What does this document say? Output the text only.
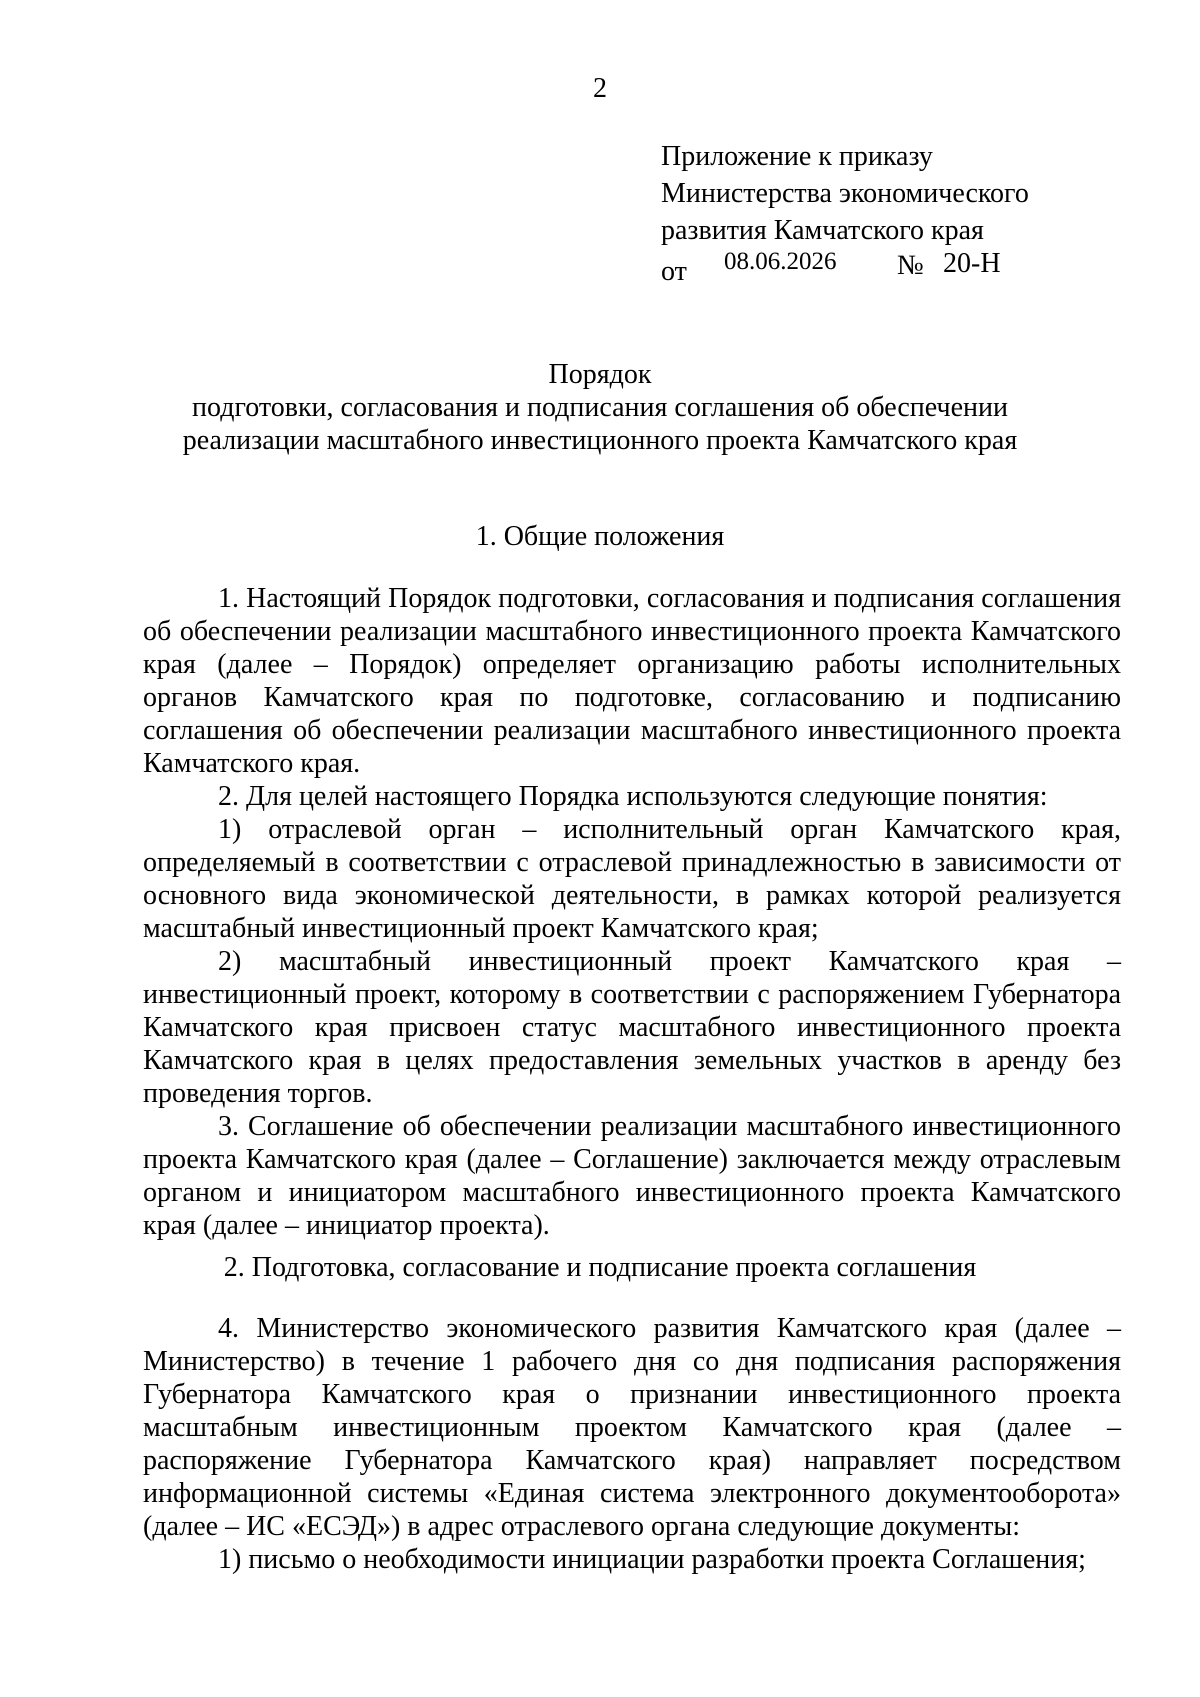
2
Приложение к приказу
Министерства экономического
развития Камчатского края
от 08.06.2026 № 20-Н
Порядок
подготовки, согласования и подписания соглашения об обеспечении
реализации масштабного инвестиционного проекта Камчатского края
1. Общие положения

1. Настоящий Порядок подготовки, согласования и подписания соглашения об обеспечении реализации масштабного инвестиционного проекта Камчатского края (далее – Порядок) определяет организацию работы исполнительных органов Камчатского края по подготовке, согласованию и подписанию соглашения об обеспечении реализации масштабного инвестиционного проекта Камчатского края.

2. Для целей настоящего Порядка используются следующие понятия:

1) отраслевой орган – исполнительный орган Камчатского края, определяемый в соответствии с отраслевой принадлежностью в зависимости от основного вида экономической деятельности, в рамках которой реализуется масштабный инвестиционный проект Камчатского края;

2) масштабный инвестиционный проект Камчатского края – инвестиционный проект, которому в соответствии с распоряжением Губернатора Камчатского края присвоен статус масштабного инвестиционного проекта Камчатского края в целях предоставления земельных участков в аренду без проведения торгов.

3. Соглашение об обеспечении реализации масштабного инвестиционного проекта Камчатского края (далее – Соглашение) заключается между отраслевым органом и инициатором масштабного инвестиционного проекта Камчатского края (далее – инициатор проекта).

2. Подготовка, согласование и подписание проекта соглашения

4. Министерство экономического развития Камчатского края (далее – Министерство) в течение 1 рабочего дня со дня подписания распоряжения Губернатора Камчатского края о признании инвестиционного проекта масштабным инвестиционным проектом Камчатского края (далее – распоряжение Губернатора Камчатского края) направляет посредством информационной системы «Единая система электронного документооборота» (далее – ИС «ЕСЭД») в адрес отраслевого органа следующие документы:

1) письмо о необходимости инициации разработки проекта Соглашения;
